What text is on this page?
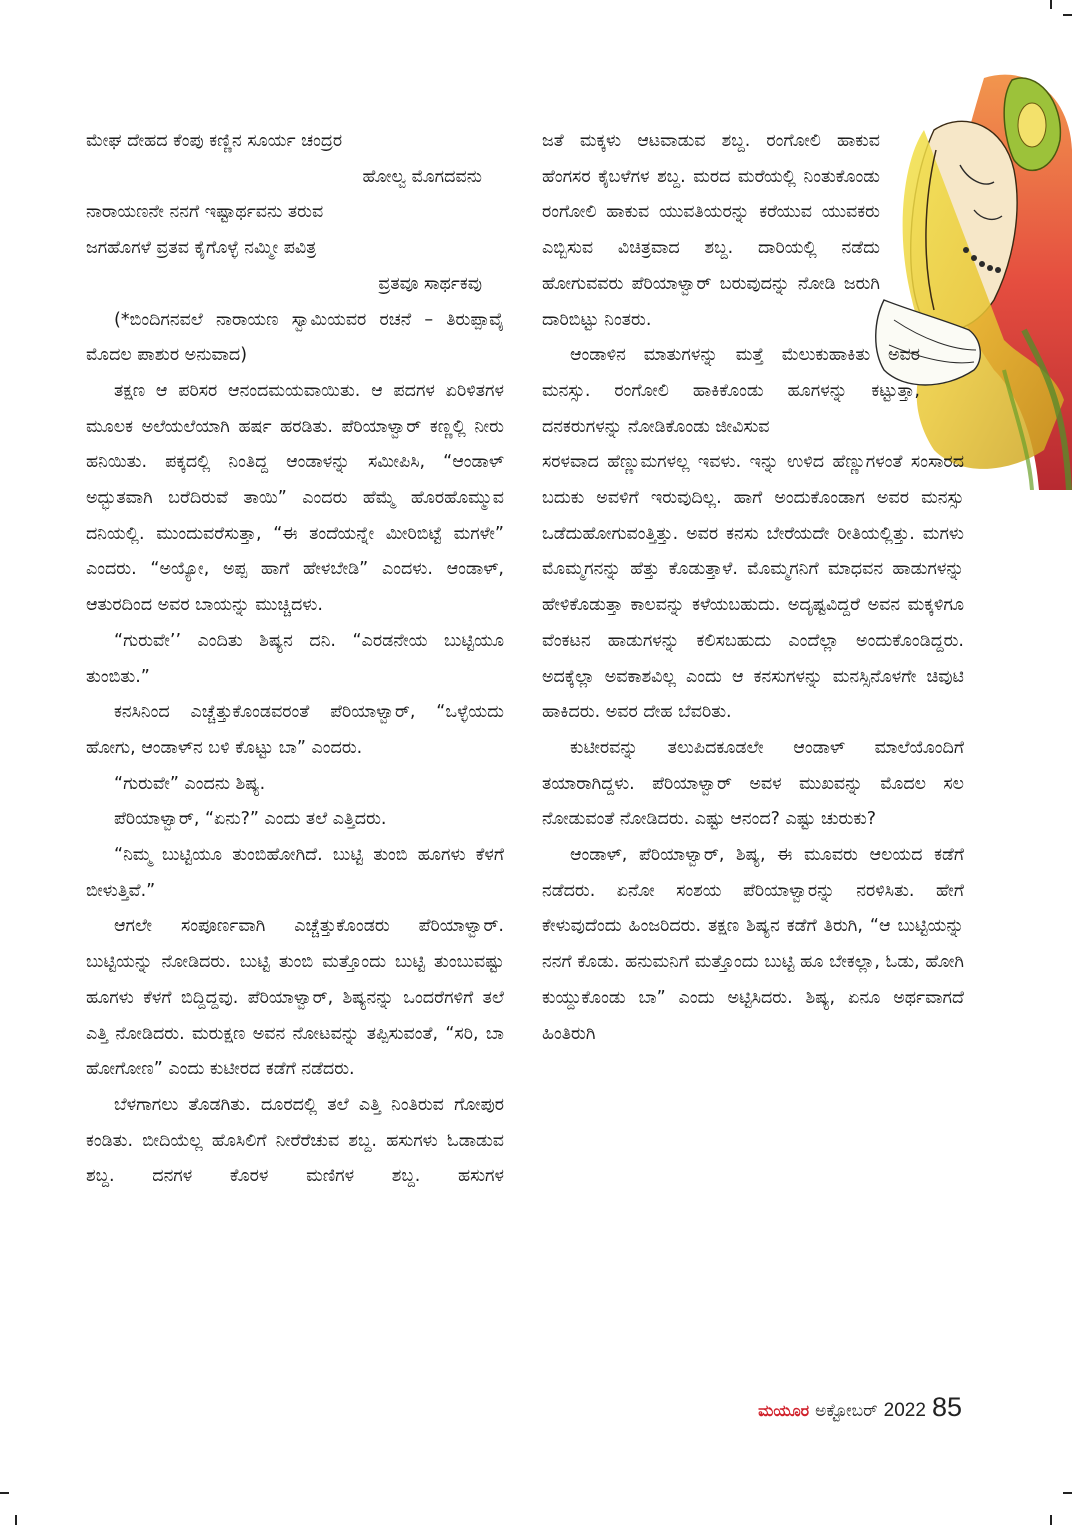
ಮೇಘ ದೇಹದ ಕೆಂಪು ಕಣ್ಣಿನ ಸೂರ್ಯ ಚಂದ್ರರ

ಹೋಲ್ವ ಮೊಗದವನು

ನಾರಾಯಣನೇ ನನಗೆ ಇಷ್ಟಾರ್ಥವನು ತರುವ

ಜಗಹೊಗಳೆ ವ್ರತವ ಕೈಗೊಳ್ಳೆ ನಮ್ಮೀ ಪವಿತ್ರ

ವ್ರತವೂ ಸಾರ್ಥಕವು

(*ಬಿಂದಿಗನವಲೆ ನಾರಾಯಣ ಸ್ವಾಮಿಯವರ ರಚನೆ – ತಿರುಪ್ಪಾವೈ ಮೊದಲ ಪಾಶುರ ಅನುವಾದ)

ತಕ್ಷಣ ಆ ಪರಿಸರ ಆನಂದಮಯವಾಯಿತು. ಆ ಪದಗಳ ಏರಿಳಿತಗಳ ಮೂಲಕ ಅಲೆಯಲೆಯಾಗಿ ಹರ್ಷ ಹರಡಿತು. ಪೆರಿಯಾಳ್ವಾರ್ ಕಣ್ಣಲ್ಲಿ ನೀರು ಹನಿಯಿತು. ಪಕ್ಕದಲ್ಲಿ ನಿಂತಿದ್ದ ಆಂಡಾಳನ್ನು ಸಮೀಪಿಸಿ, “ಆಂಡಾಳ್ ಅದ್ಭುತವಾಗಿ ಬರೆದಿರುವೆ ತಾಯಿ” ಎಂದರು ಹೆಮ್ಮೆ ಹೊರಹೊಮ್ಮುವ ದನಿಯಲ್ಲಿ. ಮುಂದುವರೆಸುತ್ತಾ, “ಈ ತಂದೆಯನ್ನೇ ಮೀರಿಬಿಟ್ಟೆ ಮಗಳೇ” ಎಂದರು. “ಅಯ್ಯೋ, ಅಪ್ಪ ಹಾಗೆ ಹೇಳಬೇಡಿ” ಎಂದಳು. ಆಂಡಾಳ್, ಆತುರದಿಂದ ಅವರ ಬಾಯನ್ನು ಮುಚ್ಚಿದಳು.

“ಗುರುವೇ’’ ಎಂದಿತು ಶಿಷ್ಯನ ದನಿ. “ಎರಡನೇಯ ಬುಟ್ಟಿಯೂ ತುಂಬಿತು.”

ಕನಸಿನಿಂದ ಎಚ್ಚೆತ್ತುಕೊಂಡವರಂತೆ ಪೆರಿಯಾಳ್ವಾರ್, “ಒಳ್ಳೆಯದು ಹೋಗು, ಆಂಡಾಳ್‌ನ ಬಳಿ ಕೊಟ್ಟು ಬಾ” ಎಂದರು.

“ಗುರುವೇ” ಎಂದನು ಶಿಷ್ಯ.

ಪೆರಿಯಾಳ್ವಾರ್, “ಏನು?” ಎಂದು ತಲೆ ಎತ್ತಿದರು.

“ನಿಮ್ಮ ಬುಟ್ಟಿಯೂ ತುಂಬಿಹೋಗಿದೆ. ಬುಟ್ಟಿ ತುಂಬಿ ಹೂಗಳು ಕೆಳಗೆ ಬೀಳುತ್ತಿವೆ.”

ಆಗಲೇ ಸಂಪೂರ್ಣವಾಗಿ ಎಚ್ಚೆತ್ತುಕೊಂಡರು ಪೆರಿಯಾಳ್ವಾರ್. ಬುಟ್ಟಿಯನ್ನು ನೋಡಿದರು. ಬುಟ್ಟಿ ತುಂಬಿ ಮತ್ತೊಂದು ಬುಟ್ಟಿ ತುಂಬುವಷ್ಟು ಹೂಗಳು ಕೆಳಗೆ ಬಿದ್ದಿದ್ದವು. ಪೆರಿಯಾಳ್ವಾರ್, ಶಿಷ್ಯನನ್ನು ಒಂದರೆಗಳಿಗೆ ತಲೆ ಎತ್ತಿ ನೋಡಿದರು. ಮರುಕ್ಷಣ ಅವನ ನೋಟವನ್ನು ತಪ್ಪಿಸುವಂತೆ, “ಸರಿ, ಬಾ ಹೋಗೋಣ” ಎಂದು ಕುಟೀರದ ಕಡೆಗೆ ನಡೆದರು.

ಬೆಳಗಾಗಲು ತೊಡಗಿತು. ದೂರದಲ್ಲಿ ತಲೆ ಎತ್ತಿ ನಿಂತಿರುವ ಗೋಪುರ ಕಂಡಿತು. ಬೀದಿಯೆಲ್ಲ ಹೊಸಿಲಿಗೆ ನೀರೆರೆಚುವ ಶಬ್ದ. ಹಸುಗಳು ಓಡಾಡುವ ಶಬ್ದ. ದನಗಳ ಕೊರಳ ಮಣಿಗಳ ಶಬ್ದ. ಹಸುಗಳ

ಜತೆ ಮಕ್ಕಳು ಆಟವಾಡುವ ಶಬ್ದ. ರಂಗೋಲಿ ಹಾಕುವ ಹೆಂಗಸರ ಕೈಬಳೆಗಳ ಶಬ್ದ. ಮರದ ಮರೆಯಲ್ಲಿ ನಿಂತುಕೊಂಡು ರಂಗೋಲಿ ಹಾಕುವ ಯುವತಿಯರನ್ನು ಕರೆಯುವ ಯುವಕರು ಎಬ್ಬಿಸುವ ವಿಚಿತ್ರವಾದ ಶಬ್ದ. ದಾರಿಯಲ್ಲಿ ನಡೆದು ಹೋಗುವವರು ಪೆರಿಯಾಳ್ವಾರ್ ಬರುವುದನ್ನು ನೋಡಿ ಜರುಗಿ ದಾರಿಬಿಟ್ಟು ನಿಂತರು.

ಆಂಡಾಳಿನ ಮಾತುಗಳನ್ನು ಮತ್ತೆ ಮೆಲುಕುಹಾಕಿತು ಅವರ ಮನಸ್ಸು. ರಂಗೋಲಿ ಹಾಕಿಕೊಂಡು ಹೂಗಳನ್ನು ಕಟ್ಟುತ್ತಾ, ದನಕರುಗಳನ್ನು ನೋಡಿಕೊಂಡು ಜೀವಿಸುವ

ಸರಳವಾದ ಹೆಣ್ಣುಮಗಳಲ್ಲ ಇವಳು. ಇನ್ನು ಉಳಿದ ಹೆಣ್ಣುಗಳಂತೆ ಸಂಸಾರದ ಬದುಕು ಅವಳಿಗೆ ಇರುವುದಿಲ್ಲ. ಹಾಗೆ ಅಂದುಕೊಂಡಾಗ ಅವರ ಮನಸ್ಸು ಒಡೆದುಹೋಗುವಂತ್ತಿತ್ತು. ಅವರ ಕನಸು ಬೇರೆಯದೇ ರೀತಿಯಲ್ಲಿತ್ತು. ಮಗಳು ಮೊಮ್ಮಗನನ್ನು ಹೆತ್ತು ಕೊಡುತ್ತಾಳೆ. ಮೊಮ್ಮಗನಿಗೆ ಮಾಧವನ ಹಾಡುಗಳನ್ನು ಹೇಳಿಕೊಡುತ್ತಾ ಕಾಲವನ್ನು ಕಳೆಯಬಹುದು. ಅದೃಷ್ಟವಿದ್ದರೆ ಅವನ ಮಕ್ಕಳಿಗೂ ವೆಂಕಟನ ಹಾಡುಗಳನ್ನು ಕಲಿಸಬಹುದು ಎಂದೆಲ್ಲಾ ಅಂದುಕೊಂಡಿದ್ದರು. ಅದಕ್ಕೆಲ್ಲಾ ಅವಕಾಶವಿಲ್ಲ ಎಂದು ಆ ಕನಸುಗಳನ್ನು ಮನಸ್ಸಿನೊಳಗೇ ಚಿವುಟಿ ಹಾಕಿದರು. ಅವರ ದೇಹ ಬೆವರಿತು.

ಕುಟೀರವನ್ನು ತಲುಪಿದಕೂಡಲೇ ಆಂಡಾಳ್ ಮಾಲೆಯೊಂದಿಗೆ ತಯಾರಾಗಿದ್ದಳು. ಪೆರಿಯಾಳ್ವಾರ್ ಅವಳ ಮುಖವನ್ನು ಮೊದಲ ಸಲ ನೋಡುವಂತೆ ನೋಡಿದರು. ಎಷ್ಟು ಆನಂದ? ಎಷ್ಟು ಚುರುಕು?

ಆಂಡಾಳ್, ಪೆರಿಯಾಳ್ವಾರ್, ಶಿಷ್ಯ, ಈ ಮೂವರು ಆಲಯದ ಕಡೆಗೆ ನಡೆದರು. ಏನೋ ಸಂಶಯ ಪೆರಿಯಾಳ್ವಾರನ್ನು ನರಳಿಸಿತು. ಹೇಗೆ ಕೇಳುವುದೆಂದು ಹಿಂಜರಿದರು. ತಕ್ಷಣ ಶಿಷ್ಯನ ಕಡೆಗೆ ತಿರುಗಿ, “ಆ ಬುಟ್ಟಿಯನ್ನು ನನಗೆ ಕೊಡು. ಹನುಮನಿಗೆ ಮತ್ತೊಂದು ಬುಟ್ಟಿ ಹೂ ಬೇಕಲ್ಲಾ, ಓಡು, ಹೋಗಿ ಕುಯ್ದುಕೊಂಡು ಬಾ” ಎಂದು ಅಟ್ಟಿಸಿದರು. ಶಿಷ್ಯ, ಏನೂ ಅರ್ಥವಾಗದೆ ಹಿಂತಿರುಗಿ

ಮಯೂರ ಅಕ್ಟೋಬರ್ 2022 85
